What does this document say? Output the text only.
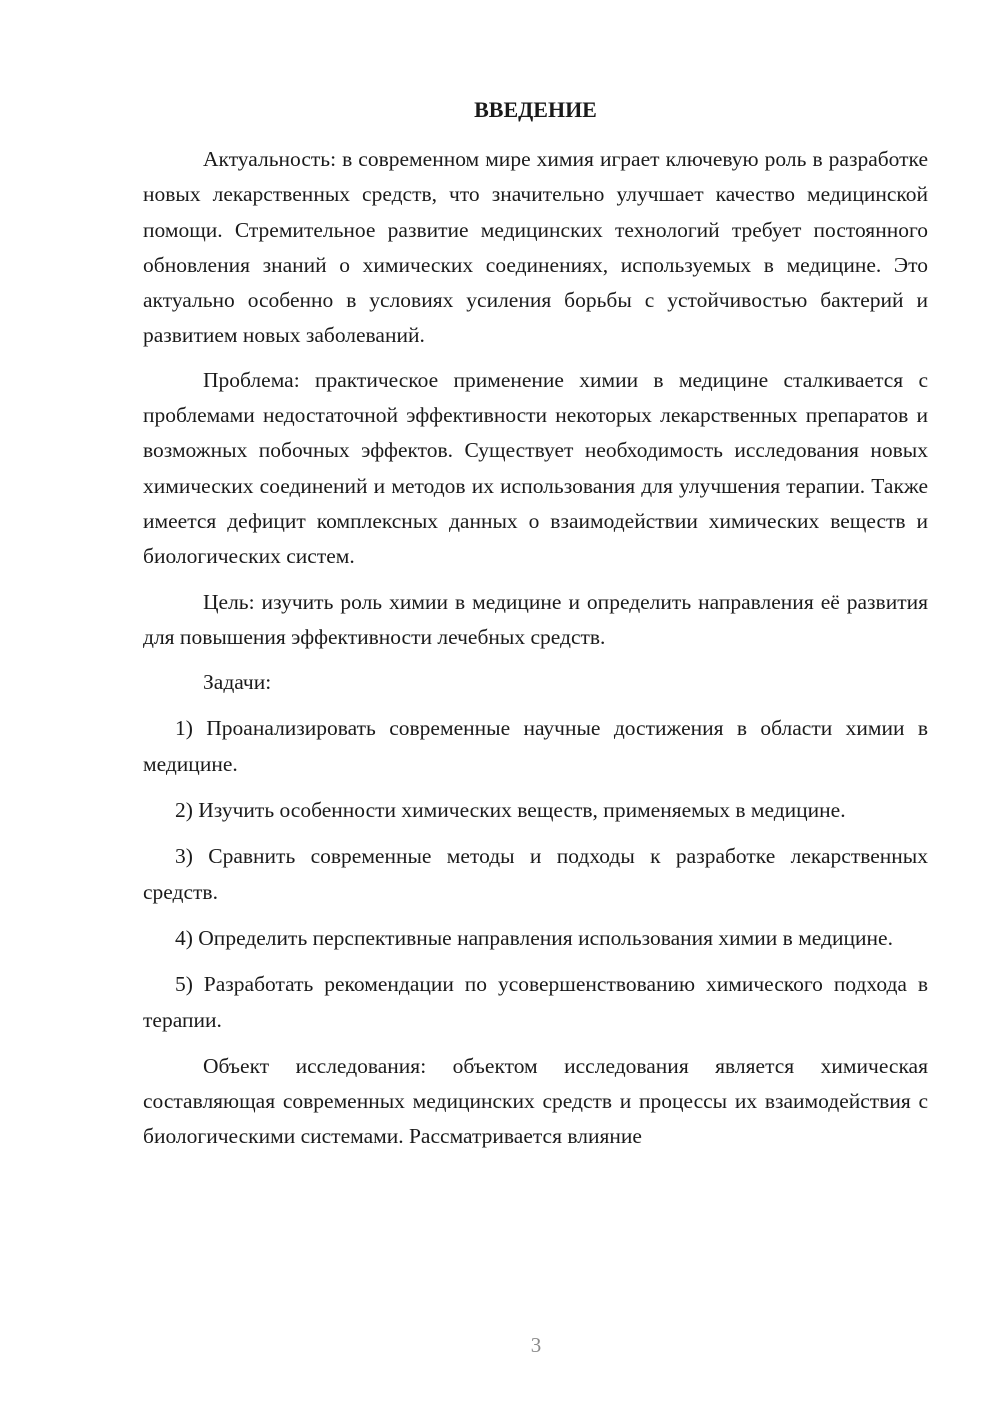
ВВЕДЕНИЕ

Актуальность: в современном мире химия играет ключевую роль в разработке новых лекарственных средств, что значительно улучшает качество медицинской помощи. Стремительное развитие медицинских технологий требует постоянного обновления знаний о химических соединениях, используемых в медицине. Это актуально особенно в условиях усиления борьбы с устойчивостью бактерий и развитием новых заболеваний.

Проблема: практическое применение химии в медицине сталкивается с проблемами недостаточной эффективности некоторых лекарственных препаратов и возможных побочных эффектов. Существует необходимость исследования новых химических соединений и методов их использования для улучшения терапии. Также имеется дефицит комплексных данных о взаимодействии химических веществ и биологических систем.

Цель: изучить роль химии в медицине и определить направления её развития для повышения эффективности лечебных средств.

Задачи:

1) Проанализировать современные научные достижения в области химии в медицине.

2) Изучить особенности химических веществ, применяемых в медицине.

3) Сравнить современные методы и подходы к разработке лекарственных средств.

4) Определить перспективные направления использования химии в медицине.

5) Разработать рекомендации по усовершенствованию химического подхода в терапии.

Объект исследования: объектом исследования является химическая составляющая современных медицинских средств и процессы их взаимодействия с биологическими системами. Рассматривается влияние

3
